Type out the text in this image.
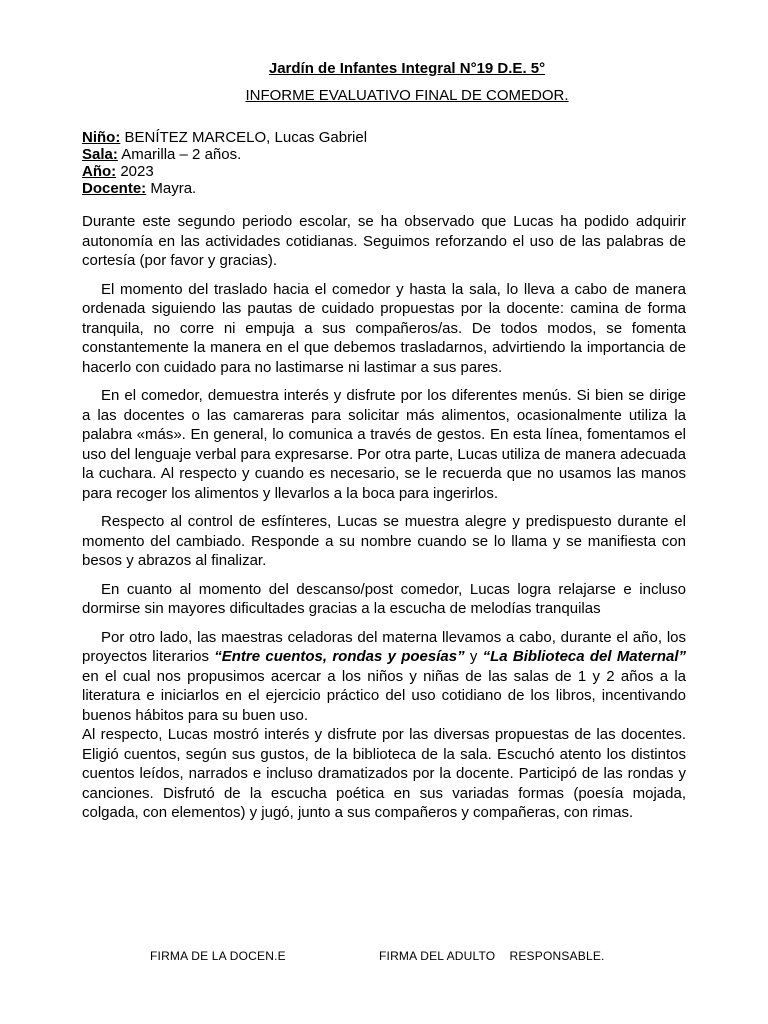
Jardín de Infantes Integral N°19 D.E. 5°
INFORME EVALUATIVO FINAL DE COMEDOR.
Niño: BENÍTEZ MARCELO, Lucas Gabriel
Sala: Amarilla – 2 años.
Año: 2023
Docente: Mayra.

Durante este segundo periodo escolar, se ha observado que Lucas ha podido adquirir autonomía en las actividades cotidianas. Seguimos reforzando el uso de las palabras de cortesía (por favor y gracias).

El momento del traslado hacia el comedor y hasta la sala, lo lleva a cabo de manera ordenada siguiendo las pautas de cuidado propuestas por la docente: camina de forma tranquila, no corre ni empuja a sus compañeros/as. De todos modos, se fomenta constantemente la manera en el que debemos trasladarnos, advirtiendo la importancia de hacerlo con cuidado para no lastimarse ni lastimar a sus pares.

En el comedor, demuestra interés y disfrute por los diferentes menús. Si bien se dirige a las docentes o las camareras para solicitar más alimentos, ocasionalmente utiliza la palabra «más». En general, lo comunica a través de gestos. En esta línea, fomentamos el uso del lenguaje verbal para expresarse. Por otra parte, Lucas utiliza de manera adecuada la cuchara. Al respecto y cuando es necesario, se le recuerda que no usamos las manos para recoger los alimentos y llevarlos a la boca para ingerirlos.

Respecto al control de esfínteres, Lucas se muestra alegre y predispuesto durante el momento del cambiado. Responde a su nombre cuando se lo llama y se manifiesta con besos y abrazos al finalizar.

En cuanto al momento del descanso/post comedor, Lucas logra relajarse e incluso dormirse sin mayores dificultades gracias a la escucha de melodías tranquilas

Por otro lado, las maestras celadoras del materna llevamos a cabo, durante el año, los proyectos literarios “Entre cuentos, rondas y poesías” y “La Biblioteca del Maternal” en el cual nos propusimos acercar a los niños y niñas de las salas de 1 y 2 años a la literatura e iniciarlos en el ejercicio práctico del uso cotidiano de los libros, incentivando buenos hábitos para su buen uso.

Al respecto, Lucas mostró interés y disfrute por las diversas propuestas de las docentes. Eligió cuentos, según sus gustos, de la biblioteca de la sala. Escuchó atento los distintos cuentos leídos, narrados e incluso dramatizados por la docente. Participó de las rondas y canciones. Disfrutó de la escucha poética en sus variadas formas (poesía mojada, colgada, con elementos) y jugó, junto a sus compañeros y compañeras, con rimas.

FIRMA DE LA DOCEN.E	FIRMA DEL ADULTO    RESPONSABLE.
